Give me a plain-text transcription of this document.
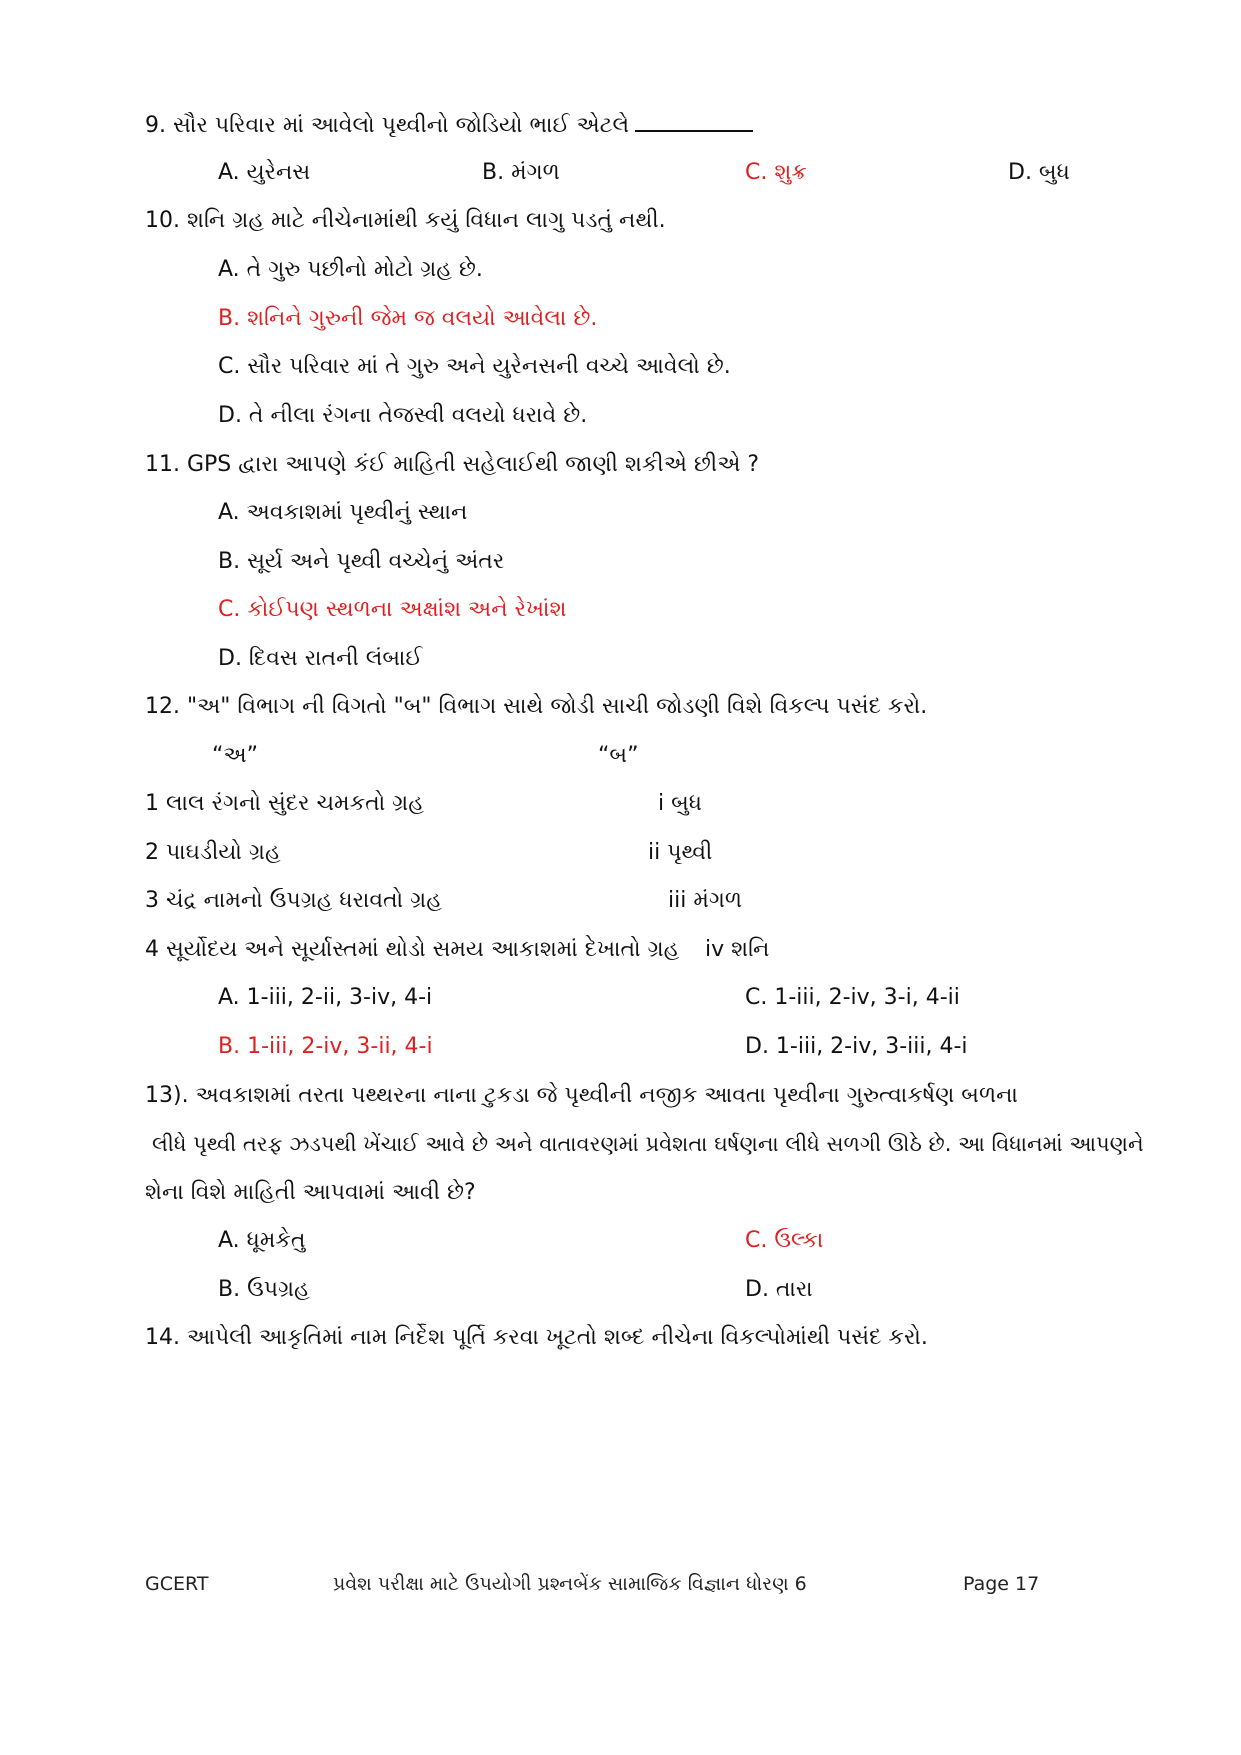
9. સૌર પરિવાર માં આવેલો પૃથ્વીનો જોડિયો ભાઈ એટલે
A. યુરેનસ	B. મંગળ	C. શુક્ર	D. બુધ
10. શનિ ગ્રહ માટે નીચેનામાંથી કયું વિધાન લાગુ પડતું નથી.
A. તે ગુરુ પછીનો મોટો ગ્રહ છે.
B. શનિને ગુરુની જેમ જ વલયો આવેલા છે.
C. સૌર પરિવાર માં તે ગુરુ અને યુરેનસની વચ્ચે આવેલો છે.
D. તે નીલા રંગના તેજસ્વી વલયો ધરાવે છે.
11. GPS દ્વારા આપણે કંઈ માહિતી સહેલાઈથી જાણી શકીએ છીએ ?
A. અવકાશમાં પૃથ્વીનું સ્થાન
B. સૂર્ય અને પૃથ્વી વચ્ચેનું અંતર
C. કોઈપણ સ્થળના અક્ષાંશ અને રેખાંશ
D. દિવસ રાતની લંબાઈ
12. "અ" વિભાગ ની વિગતો "બ" વિભાગ સાથે જોડી સાચી જોડણી વિશે વિકલ્પ પસંદ કરો.
“અ”	“બ”
1 લાલ રંગનો સુંદર ચમકતો ગ્રહ	i બુધ
2 પાઘડીયો ગ્રહ	ii પૃથ્વી
3 ચંદ્ર નામનો ઉપગ્રહ ધરાવતો ગ્રહ	iii મંગળ
4 સૂર્યોદય અને સૂર્યાસ્તમાં થોડો સમય આકાશમાં દેખાતો ગ્રહ iv શનિ
A. 1-iii, 2-ii, 3-iv, 4-i	C. 1-iii, 2-iv, 3-i, 4-ii
B. 1-iii, 2-iv, 3-ii, 4-i	D. 1-iii, 2-iv, 3-iii, 4-i
13). અવકાશમાં તરતા પથ્થરના નાના ટુકડા જે પૃથ્વીની નજીક આવતા પૃથ્વીના ગુરુત્વાકર્ષણ બળના
લીધે પૃથ્વી તરફ ઝડપથી ખેંચાઈ આવે છે અને વાતાવરણમાં પ્રવેશતા ઘર્ષણના લીધે સળગી ઊઠે છે. આ વિધાનમાં આપણને
શેના વિશે માહિતી આપવામાં આવી છે?
A. ધૂમકેતુ	C. ઉલ્કા
B. ઉપગ્રહ	D. તારા
14. આપેલી આકૃતિમાં નામ નિર્દેશ પૂર્તિ કરવા ખૂટતો શબ્દ નીચેના વિકલ્પોમાંથી પસંદ કરો.
GCERT	પ્રવેશ પરીક્ષા માટે ઉપયોગી પ્રશ્નબેંક સામાજિક વિજ્ઞાન ધોરણ 6	Page 17
